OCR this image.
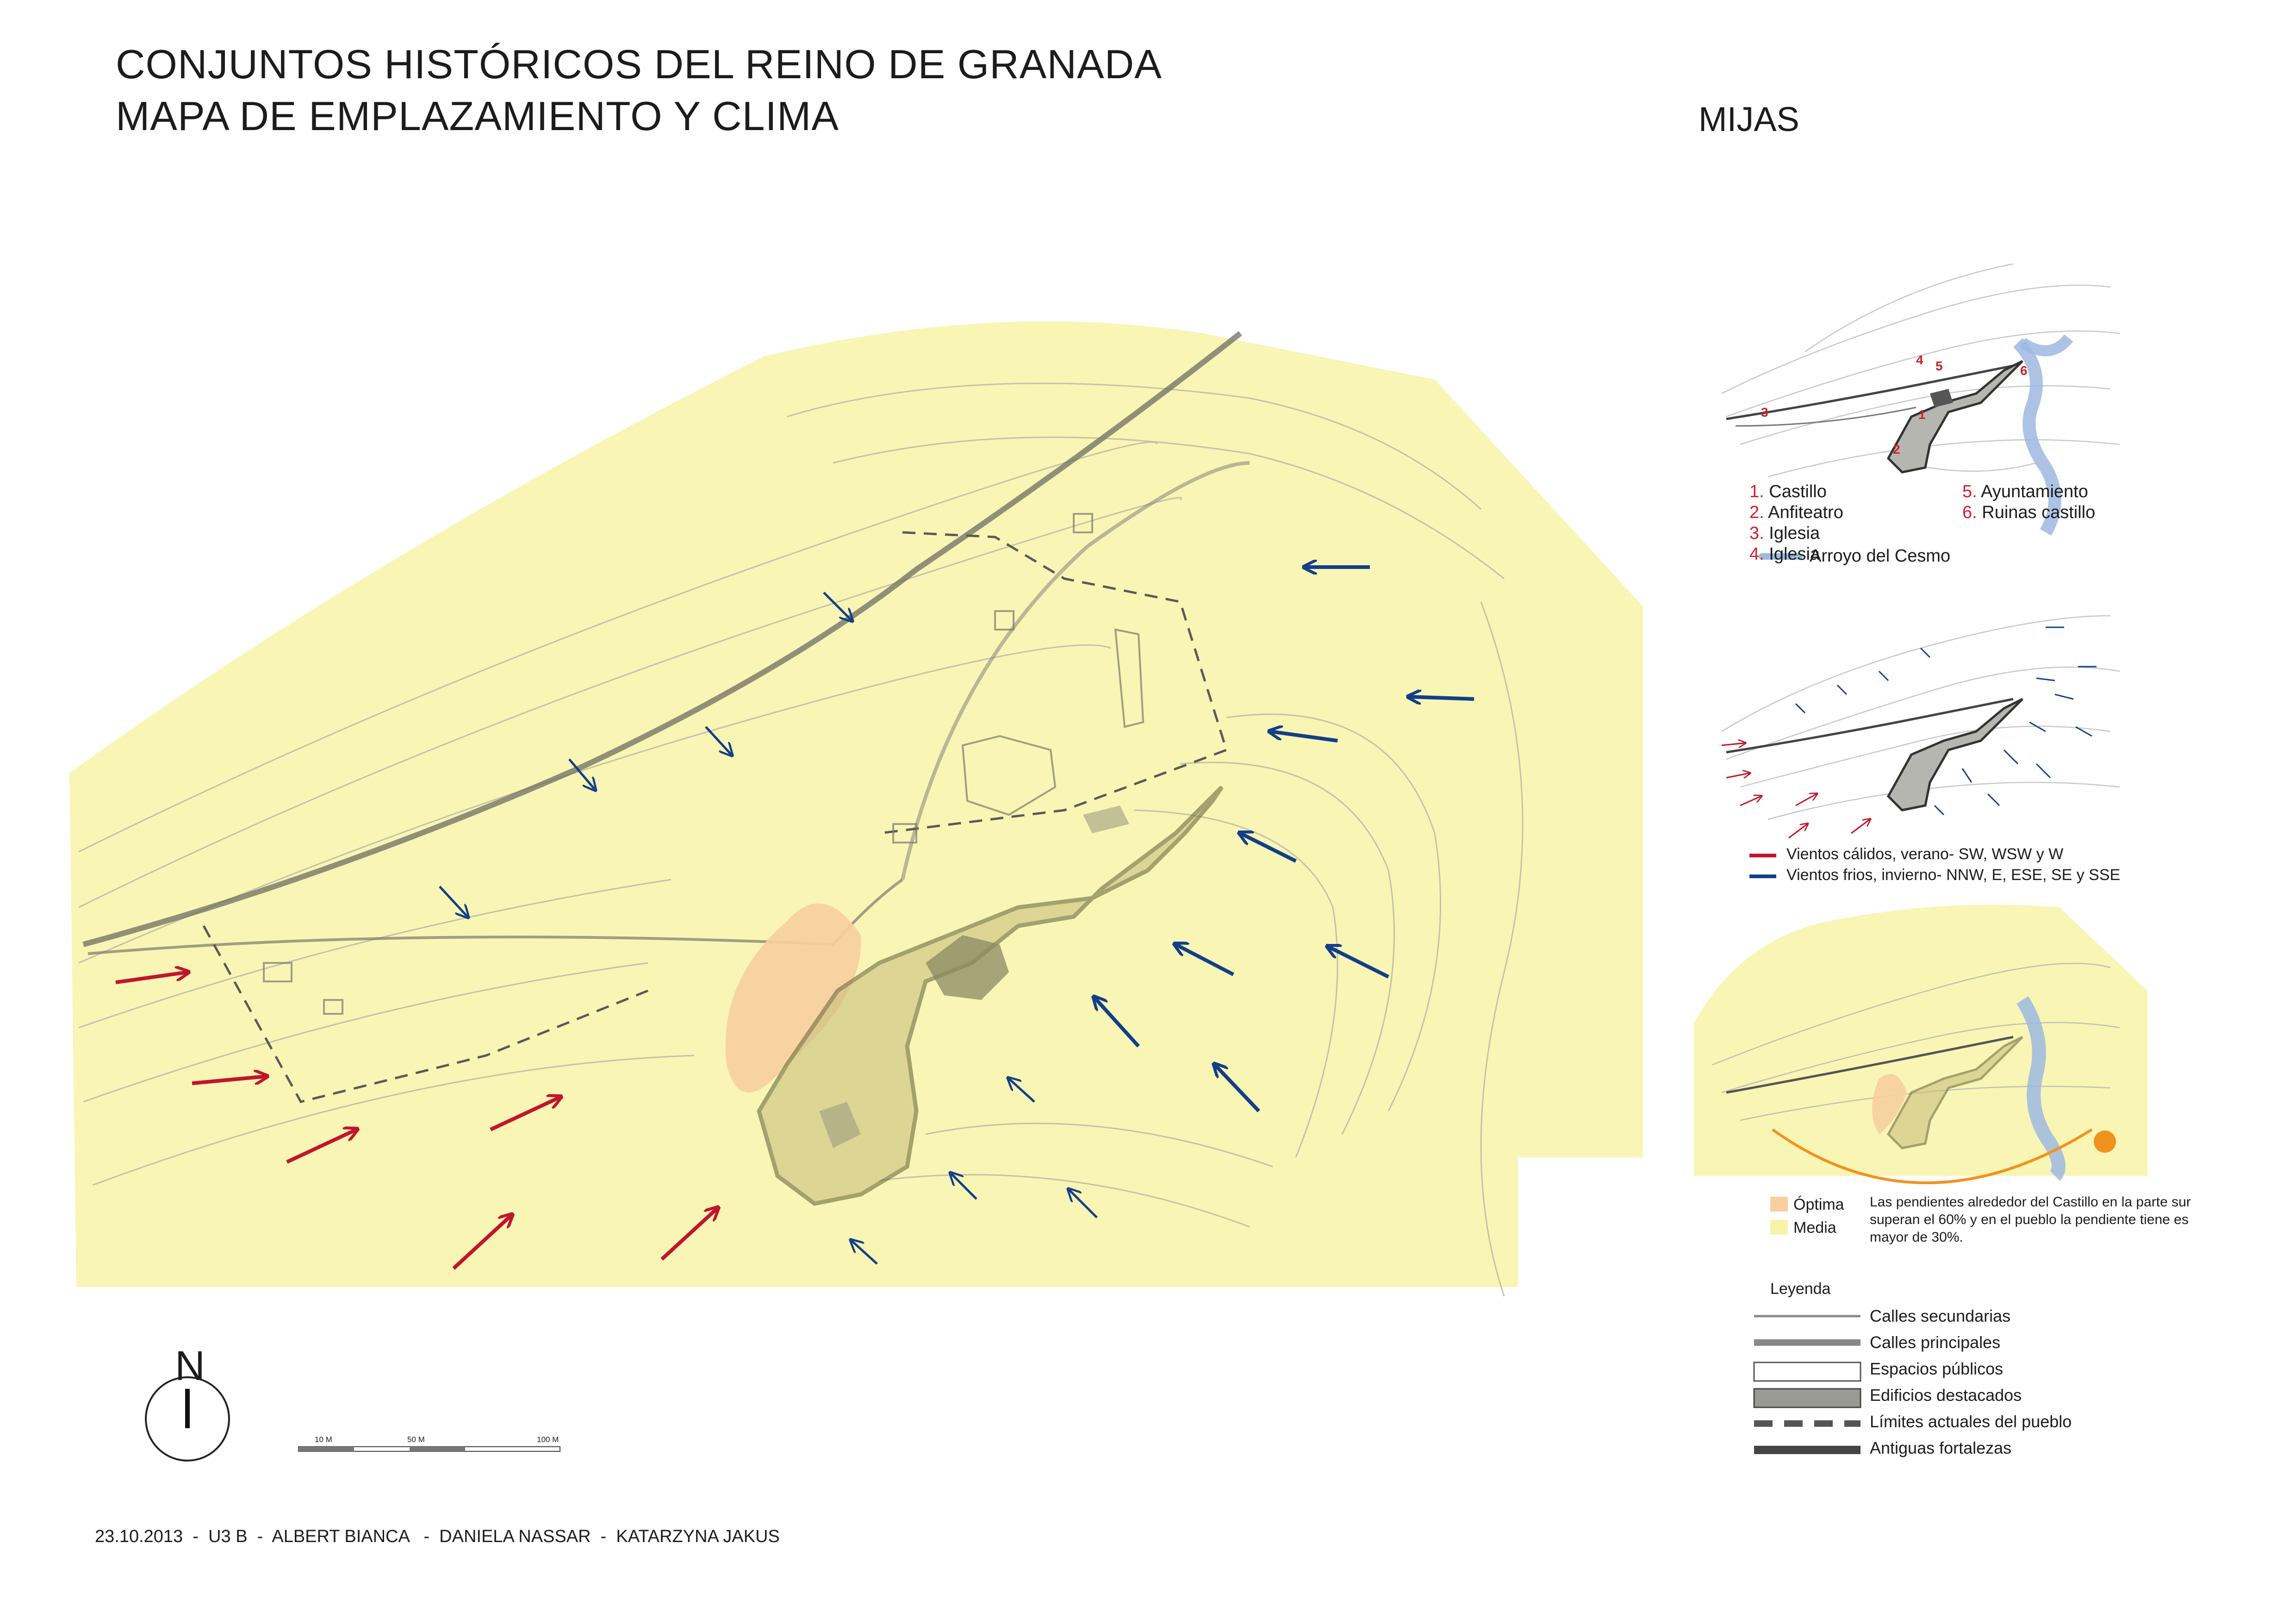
CONJUNTOS HISTÓRICOS DEL REINO DE GRANADA
MAPA DE EMPLAZAMIENTO Y CLIMA	MIJAS
N
10 M	50 M	100 M
1
2
3
4 5	6
1. Castillo
2. Anfiteatro
3. Iglesia
4. Iglesia
5. Ayuntamiento
6. Ruinas castillo
Arroyo del Cesmo
Vientos cálidos, verano- SW, WSW y W
Vientos frios, invierno- NNW, E, ESE, SE y SSE
Óptima
Media
Las pendientes alrededor del Castillo en la parte sur superan el 60% y en el pueblo la pendiente tiene es mayor de 30%.
Leyenda
Calles secundarias
Calles principales
Espacios públicos
Edificios destacados
Límites actuales del pueblo
Antiguas fortalezas
23.10.2013  -  U3 B  -  ALBERT BIANCA   -  DANIELA NASSAR  -  KATARZYNA JAKUS
